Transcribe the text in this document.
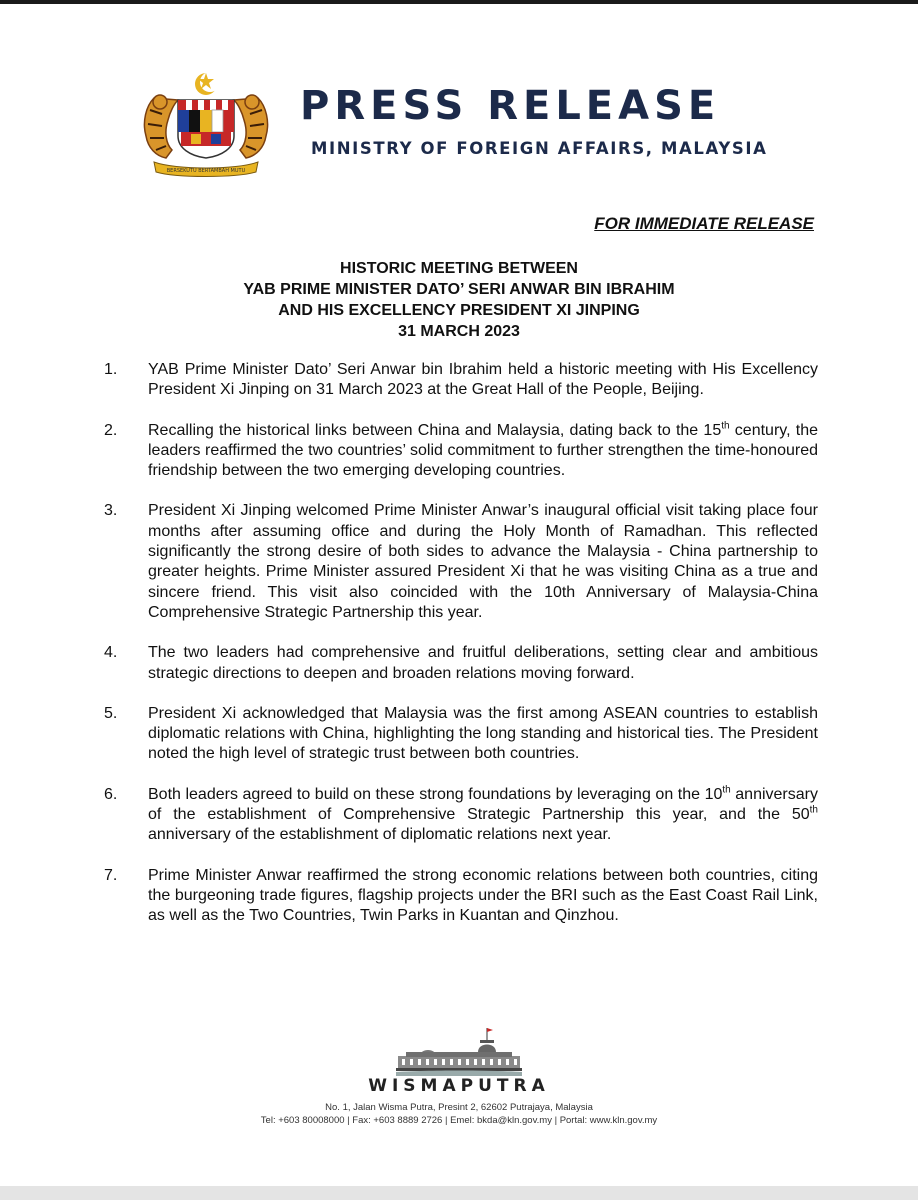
BERSEKUTU BERTAMBAH MUTU
PRESS RELEASE
MINISTRY OF FOREIGN AFFAIRS, MALAYSIA
FOR IMMEDIATE RELEASE
HISTORIC MEETING BETWEEN
YAB PRIME MINISTER DATO’ SERI ANWAR BIN IBRAHIM
AND HIS EXCELLENCY PRESIDENT XI JINPING
31 MARCH 2023
1.	YAB Prime Minister Dato’ Seri Anwar bin Ibrahim held a historic meeting with His Excellency President Xi Jinping on 31 March 2023 at the Great Hall of the People, Beijing.
2.	Recalling the historical links between China and Malaysia, dating back to the 15th century, the leaders reaffirmed the two countries’ solid commitment to further strengthen the time-honoured friendship between the two emerging developing countries.
3.	President Xi Jinping welcomed Prime Minister Anwar’s inaugural official visit taking place four months after assuming office and during the Holy Month of Ramadhan. This reflected significantly the strong desire of both sides to advance the Malaysia - China partnership to greater heights. Prime Minister assured President Xi that he was visiting China as a true and sincere friend. This visit also coincided with the 10th Anniversary of Malaysia-China Comprehensive Strategic Partnership this year.
4.	The two leaders had comprehensive and fruitful deliberations, setting clear and ambitious strategic directions to deepen and broaden relations moving forward.
5.	President Xi acknowledged that Malaysia was the first among ASEAN countries to establish diplomatic relations with China, highlighting the long standing and historical ties. The President noted the high level of strategic trust between both countries.
6.	Both leaders agreed to build on these strong foundations by leveraging on the 10th anniversary of the establishment of Comprehensive Strategic Partnership this year, and the 50th anniversary of the establishment of diplomatic relations next year.
7.	Prime Minister Anwar reaffirmed the strong economic relations between both countries, citing the burgeoning trade figures, flagship projects under the BRI such as the East Coast Rail Link, as well as the Two Countries, Twin Parks in Kuantan and Qinzhou.
WISMAPUTRA
No. 1, Jalan Wisma Putra, Presint 2, 62602 Putrajaya, Malaysia
Tel: +603 80008000 | Fax: +603 8889 2726 | Emel: bkda@kln.gov.my | Portal: www.kln.gov.my
